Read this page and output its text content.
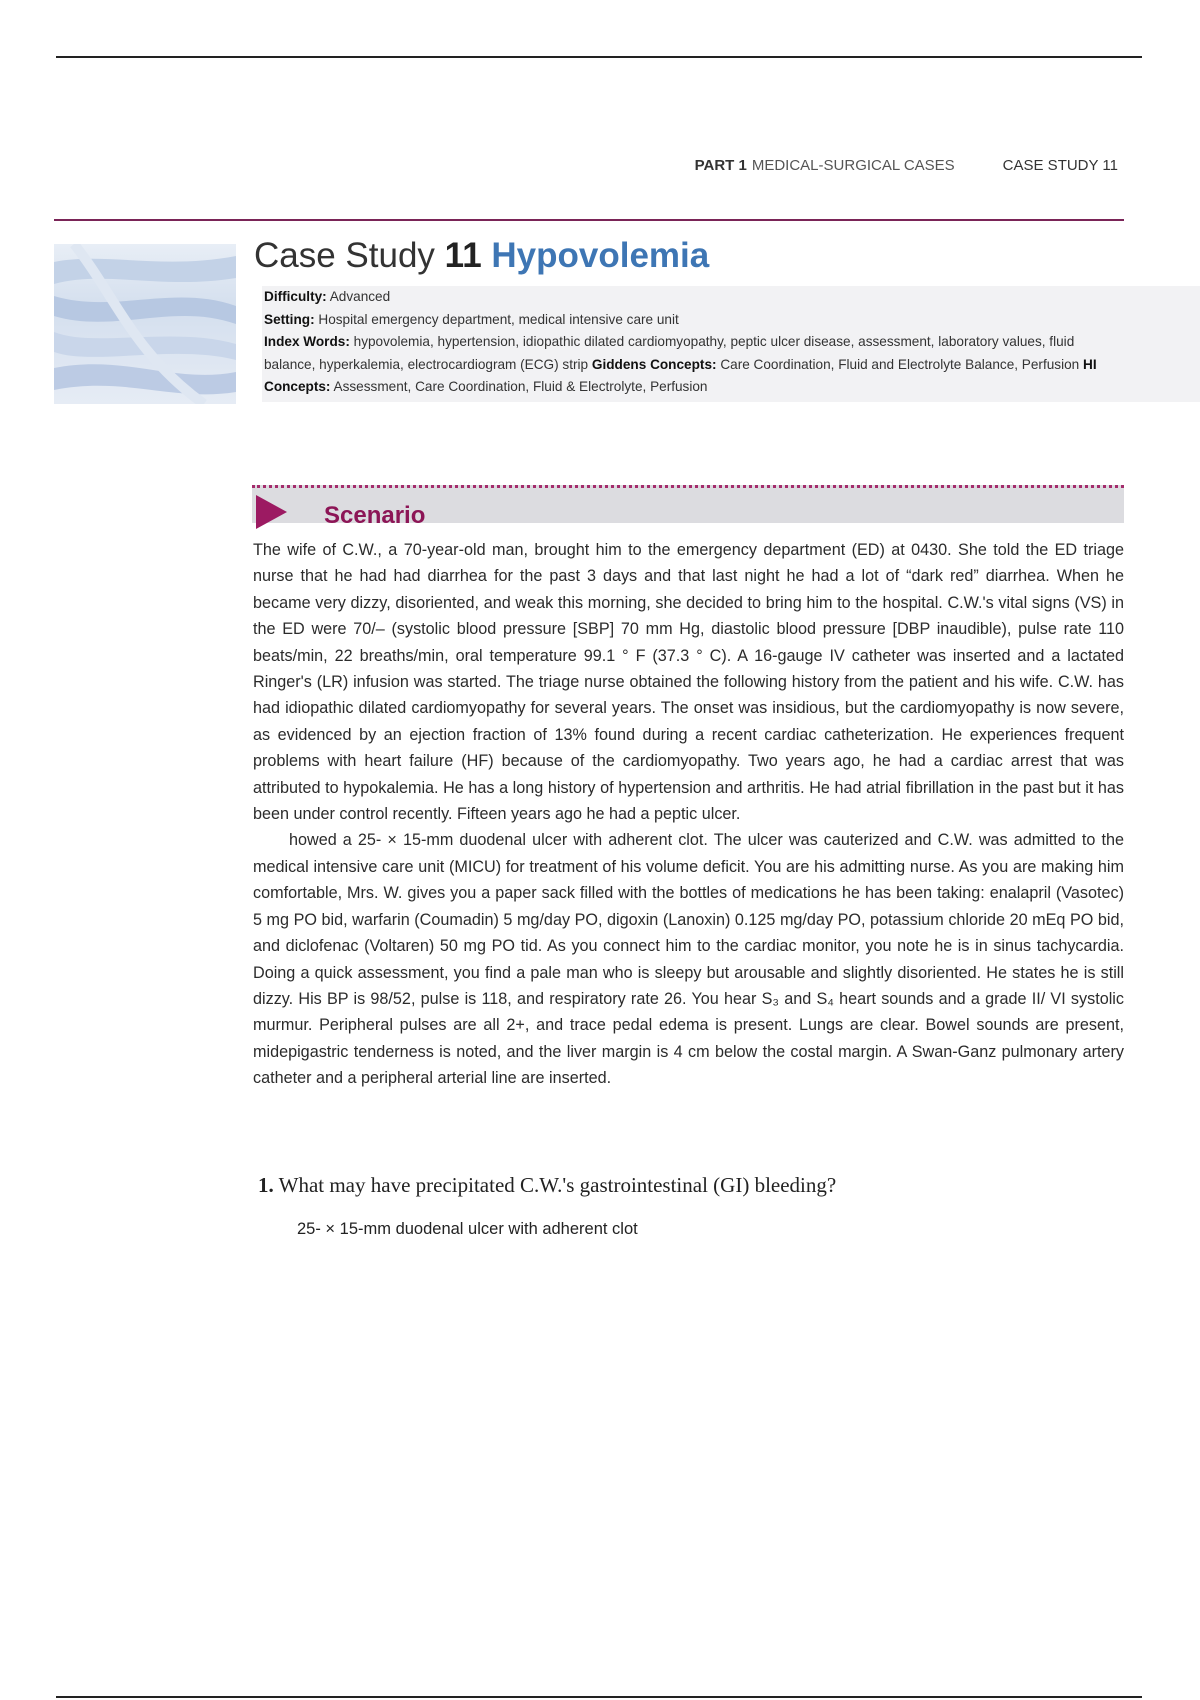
PART 1 MEDICAL-SURGICAL CASES	CASE STUDY 11
Case Study 11 Hypovolemia

Difficulty: Advanced

Setting: Hospital emergency department, medical intensive care unit

Index Words: hypovolemia, hypertension, idiopathic dilated cardiomyopathy, peptic ulcer disease, assessment, laboratory values, fluid

balance, hyperkalemia, electrocardiogram (ECG) strip Giddens Concepts: Care Coordination, Fluid and Electrolyte Balance, Perfusion HI

Concepts: Assessment, Care Coordination, Fluid & Electrolyte, Perfusion

Scenario

The wife of C.W., a 70-year-old man, brought him to the emergency department (ED) at 0430. She told the ED triage nurse that he had had diarrhea for the past 3 days and that last night he had a lot of “dark red” diarrhea. When he became very dizzy, disoriented, and weak this morning, she decided to bring him to the hospital. C.W.'s vital signs (VS) in the ED were 70/– (systolic blood pressure [SBP] 70 mm Hg, diastolic blood pressure [DBP inaudible), pulse rate 110 beats/min, 22 breaths/min, oral temperature 99.1 ° F (37.3 ° C). A 16-gauge IV catheter was inserted and a lactated Ringer's (LR) infusion was started. The triage nurse obtained the following history from the patient and his wife. C.W. has had idiopathic dilated cardiomyopathy for several years. The onset was insidious, but the cardiomyopathy is now severe, as evidenced by an ejection fraction of 13% found during a recent cardiac catheterization. He experiences frequent problems with heart failure (HF) because of the cardiomyopathy. Two years ago, he had a cardiac arrest that was attributed to hypokalemia. He has a long history of hypertension and arthritis. He had atrial fibrillation in the past but it has been under control recently. Fifteen years ago he had a peptic ulcer.

howed a 25- × 15-mm duodenal ulcer with adherent clot. The ulcer was cauterized and C.W. was admitted to the medical intensive care unit (MICU) for treatment of his volume deficit. You are his admitting nurse. As you are making him comfortable, Mrs. W. gives you a paper sack filled with the bottles of medications he has been taking: enalapril (Vasotec) 5 mg PO bid, warfarin (Coumadin) 5 mg/day PO, digoxin (Lanoxin) 0.125 mg/day PO, potassium chloride 20 mEq PO bid, and diclofenac (Voltaren) 50 mg PO tid. As you connect him to the cardiac monitor, you note he is in sinus tachycardia. Doing a quick assessment, you find a pale man who is sleepy but arousable and slightly disoriented. He states he is still dizzy. His BP is 98/52, pulse is 118, and respiratory rate 26. You hear S₃ and S₄ heart sounds and a grade II/ VI systolic murmur. Peripheral pulses are all 2+, and trace pedal edema is present. Lungs are clear. Bowel sounds are present, midepigastric tenderness is noted, and the liver margin is 4 cm below the costal margin. A Swan-Ganz pulmonary artery catheter and a peripheral arterial line are inserted.

1. What may have precipitated C.W.'s gastrointestinal (GI) bleeding?
25- × 15-mm duodenal ulcer with adherent clot
